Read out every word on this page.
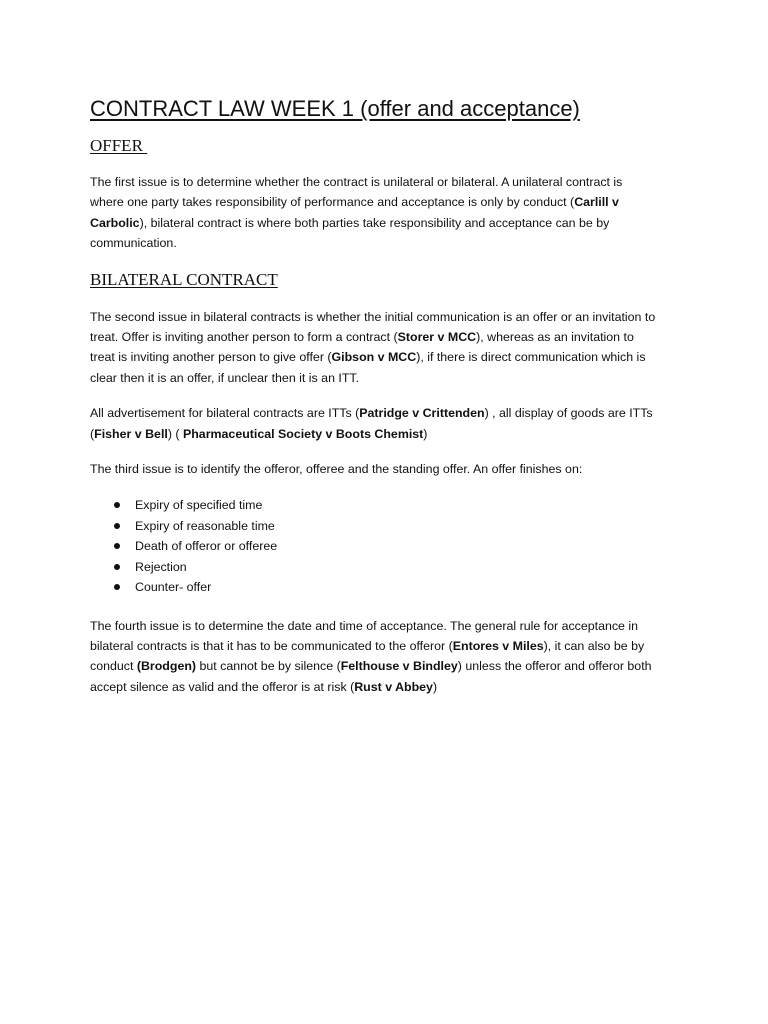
CONTRACT LAW WEEK 1 (offer and acceptance)
OFFER

The first issue is to determine whether the contract is unilateral or bilateral. A unilateral contract is
where one party takes responsibility of performance and acceptance is only by conduct (Carlill v
Carbolic), bilateral contract is where both parties take responsibility and acceptance can be by
communication.

BILATERAL CONTRACT

The second issue in bilateral contracts is whether the initial communication is an offer or an invitation to
treat. Offer is inviting another person to form a contract (Storer v MCC), whereas as an invitation to
treat is inviting another person to give offer (Gibson v MCC), if there is direct communication which is
clear then it is an offer, if unclear then it is an ITT.

All advertisement for bilateral contracts are ITTs (Patridge v Crittenden) , all display of goods are ITTs
(Fisher v Bell) ( Pharmaceutical Society v Boots Chemist)

The third issue is to identify the offeror, offeree and the standing offer. An offer finishes on:

Expiry of specified time
Expiry of reasonable time
Death of offeror or offeree
Rejection
Counter- offer

The fourth issue is to determine the date and time of acceptance. The general rule for acceptance in
bilateral contracts is that it has to be communicated to the offeror (Entores v Miles), it can also be by
conduct (Brodgen) but cannot be by silence (Felthouse v Bindley) unless the offeror and offeror both
accept silence as valid and the offeror is at risk (Rust v Abbey)
